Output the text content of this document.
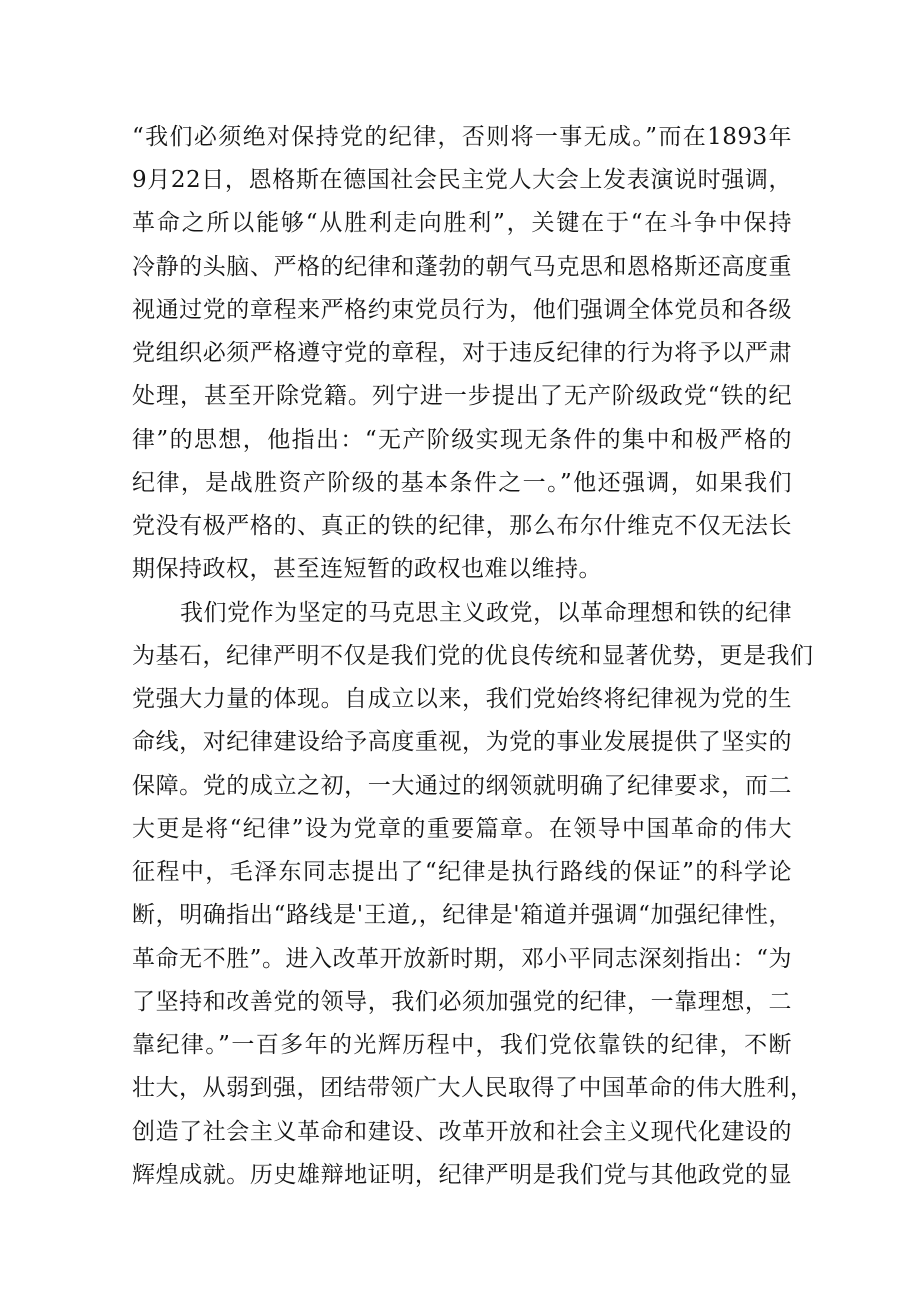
“我们必须绝对保持党的纪律，否则将一事无成。”而在1893年
9月22日，恩格斯在德国社会民主党人大会上发表演说时强调，
革命之所以能够“从胜利走向胜利”，关键在于“在斗争中保持
冷静的头脑、严格的纪律和蓬勃的朝气马克思和恩格斯还高度重
视通过党的章程来严格约束党员行为，他们强调全体党员和各级
党组织必须严格遵守党的章程，对于违反纪律的行为将予以严肃
处理，甚至开除党籍。列宁进一步提出了无产阶级政党“铁的纪
律”的思想，他指出：“无产阶级实现无条件的集中和极严格的
纪律，是战胜资产阶级的基本条件之一。”他还强调，如果我们
党没有极严格的、真正的铁的纪律，那么布尔什维克不仅无法长
期保持政权，甚至连短暂的政权也难以维持。
我们党作为坚定的马克思主义政党，以革命理想和铁的纪律
为基石，纪律严明不仅是我们党的优良传统和显著优势，更是我们
党强大力量的体现。自成立以来，我们党始终将纪律视为党的生
命线，对纪律建设给予高度重视，为党的事业发展提供了坚实的
保障。党的成立之初，一大通过的纲领就明确了纪律要求，而二
大更是将“纪律”设为党章的重要篇章。在领导中国革命的伟大
征程中，毛泽东同志提出了“纪律是执行路线的保证”的科学论
断，明确指出“路线是'王道,，纪律是'箱道并强调“加强纪律性，
革命无不胜”。进入改革开放新时期，邓小平同志深刻指出：“为
了坚持和改善党的领导，我们必须加强党的纪律，一靠理想，二
靠纪律。”一百多年的光辉历程中，我们党依靠铁的纪律，不断
壮大，从弱到强，团结带领广大人民取得了中国革命的伟大胜利，
创造了社会主义革命和建设、改革开放和社会主义现代化建设的
辉煌成就。历史雄辩地证明，纪律严明是我们党与其他政党的显
